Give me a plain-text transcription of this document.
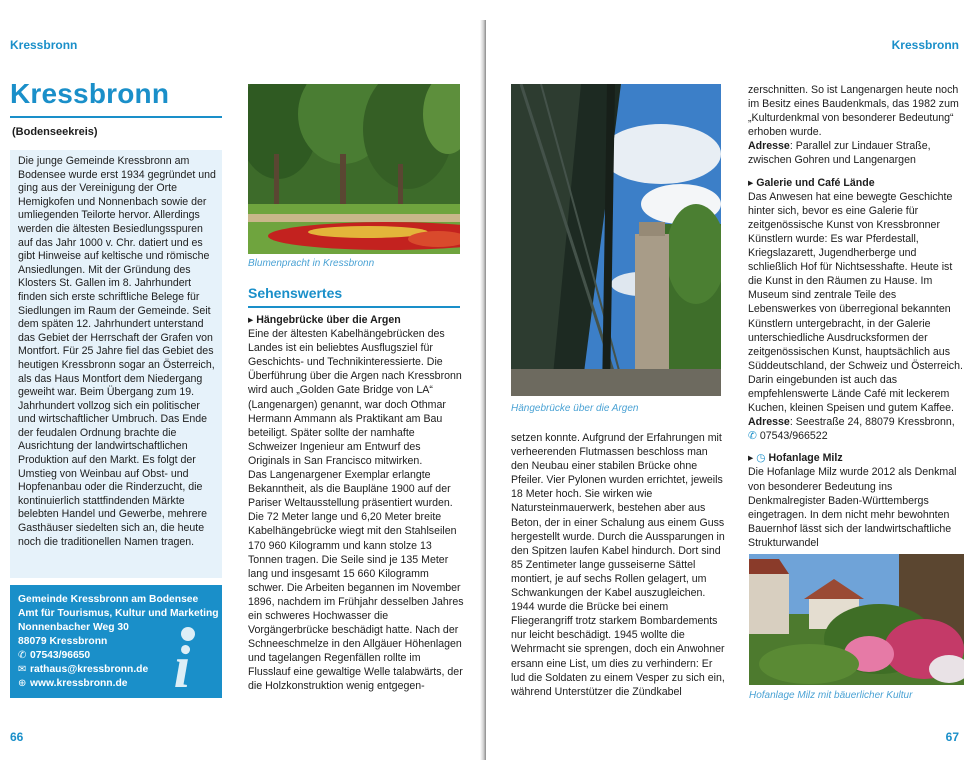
Kressbronn
Kressbronn
(Bodenseekreis)

Die junge Gemeinde Kressbronn am Bodensee wurde erst 1934 gegründet und ging aus der Vereinigung der Orte Hemigkofen und Nonnenbach sowie der umliegenden Teilorte hervor. Allerdings werden die ältesten Besiedlungsspuren auf das Jahr 1000 v. Chr. datiert und es gibt Hinweise auf keltische und römische Ansiedlungen. Mit der Gründung des Klosters St. Gallen im 8. Jahrhundert finden sich erste schriftliche Belege für Siedlungen im Raum der Gemeinde. Seit dem späten 12. Jahrhundert unterstand das Gebiet der Herrschaft der Grafen von Montfort. Für 25 Jahre fiel das Gebiet des heutigen Kressbronn sogar an Österreich, als das Haus Montfort dem Niedergang geweiht war. Beim Übergang zum 19. Jahrhundert vollzog sich ein politischer und wirtschaftlicher Umbruch. Das Ende der feudalen Ordnung brachte die Ausrichtung der landwirtschaftlichen Produktion auf den Markt. Es folgt der Umstieg von Weinbau auf Obst- und Hopfenanbau oder die Rinderzucht, die kontinuierlich stattfindenden Märkte belebten Handel und Gewerbe, mehrere Gasthäuser siedelten sich an, die heute noch die traditionellen Namen tragen.

Gemeinde Kressbronn am Bodensee
Amt für Tourismus, Kultur und Marketing
Nonnenbacher Weg 30
88079 Kressbronn
✆ 07543/96650
✉ rathaus@kressbronn.de
⊕ www.kressbronn.de i
Blumenpracht in Kressbronn
Sehenswertes

▸ Hängebrücke über die Argen

Eine der ältesten Kabelhängebrücken des Landes ist ein beliebtes Ausflugsziel für Geschichts- und Technikinteressierte. Die Überführung über die Argen nach Kressbronn wird auch „Golden Gate Bridge von LA“ (Langenargen) genannt, war doch Othmar Hermann Ammann als Praktikant am Bau beteiligt. Später sollte der namhafte Schweizer Ingenieur am Entwurf des Originals in San Francisco mitwirken.

Das Langenargener Exemplar erlangte Bekanntheit, als die Baupläne 1900 auf der Pariser Weltausstellung präsentiert wurden. Die 72 Meter lange und 6,20 Meter breite Kabelhängebrücke wiegt mit den Stahlseilen 170 960 Kilogramm und kann stolze 13 Tonnen tragen. Die Seile sind je 135 Meter lang und insgesamt 15 660 Kilogramm schwer. Die Arbeiten begannen im November 1896, nachdem im Frühjahr desselben Jahres ein schweres Hochwasser die Vorgängerbrücke beschädigt hatte. Nach der Schneeschmelze in den Allgäuer Höhenlagen und tagelangen Regenfällen rollte im Flusslauf eine gewaltige Welle talabwärts, der die Holzkonstruktion wenig entgegen-

66
Kressbronn
Hängebrücke über die Argen

setzen konnte. Aufgrund der Erfahrungen mit verheerenden Flutmassen beschloss man den Neubau einer stabilen Brücke ohne Pfeiler. Vier Pylonen wurden errichtet, jeweils 18 Meter hoch. Sie wirken wie Natursteinmauerwerk, bestehen aber aus Beton, der in einer Schalung aus einem Guss hergestellt wurde. Durch die Aussparungen in den Spitzen laufen Kabel hindurch. Dort sind 85 Zentimeter lange gusseiserne Sättel montiert, je auf sechs Rollen gelagert, um Schwankungen der Kabel auszugleichen. 1944 wurde die Brücke bei einem Fliegerangriff trotz starkem Bombardements nur leicht beschädigt. 1945 wollte die Wehrmacht sie sprengen, doch ein Anwohner ersann eine List, um dies zu verhindern: Er lud die Soldaten zu einem Vesper zu sich ein, während Unterstützer die Zündkabel

zerschnitten. So ist Langenargen heute noch im Besitz eines Baudenkmals, das 1982 zum „Kulturdenkmal von besonderer Bedeutung“ erhoben wurde.

Adresse: Parallel zur Lindauer Straße, zwischen Gohren und Langenargen

▸ Galerie und Café Lände

Das Anwesen hat eine bewegte Geschichte hinter sich, bevor es eine Galerie für zeitgenössische Kunst von Kressbronner Künstlern wurde: Es war Pferdestall, Kriegslazarett, Jugendherberge und schließlich Hof für Nichtsesshafte. Heute ist die Kunst in den Räumen zu Hause. Im Museum sind zentrale Teile des Lebenswerkes von überregional bekannten Künstlern untergebracht, in der Galerie unterschiedliche Ausdrucksformen der zeitgenössischen Kunst, hauptsächlich aus Süddeutschland, der Schweiz und Österreich. Darin eingebunden ist auch das empfehlenswerte Lände Café mit leckerem Kuchen, kleinen Speisen und gutem Kaffee.

Adresse: Seestraße 24, 88079 Kressbronn,

✆ 07543/966522

▸ ◷ Hofanlage Milz

Die Hofanlage Milz wurde 2012 als Denkmal von besonderer Bedeutung ins Denkmalregister Baden-Württembergs eingetragen. In dem nicht mehr bewohnten Bauernhof lässt sich der landwirtschaftliche Strukturwandel

Hofanlage Milz mit bäuerlicher Kultur
67
